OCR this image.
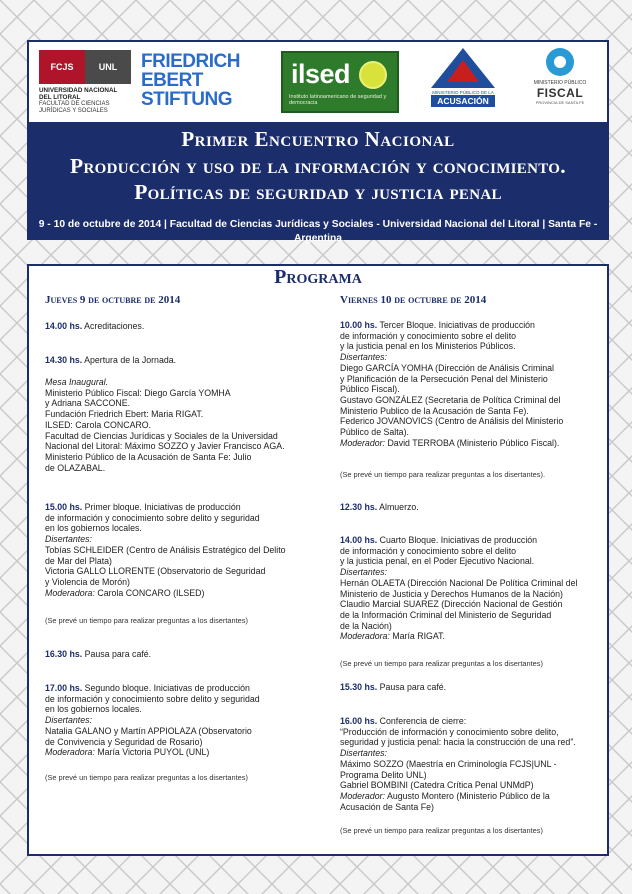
FCJS	UNL
UNIVERSIDAD NACIONAL DEL LITORAL
FACULTAD DE CIENCIAS JURÍDICAS Y SOCIALES
FRIEDRICH
EBERT
STIFTUNG
ilsed
Instituto latinoamericano de seguridad y democracia
MINISTERIO PÚBLICO DE LA
ACUSACIÓN
MINISTERIO PÚBLICO
FISCAL
PROVINCIA DE SANTA FE
Primer Encuentro Nacional
Producción y uso de la información y conocimiento.
Políticas de seguridad y justicia penal
9 - 10 de octubre de 2014 | Facultad de Ciencias Jurídicas y Sociales - Universidad Nacional del Litoral | Santa Fe - Argentina
Programa
Jueves 9 de octubre de 2014
14.00 hs. Acreditaciones.
14.30 hs. Apertura de la Jornada.
Mesa Inaugural.
Ministerio Público Fiscal: Diego García YOMHA
y Adriana SACCONE.
Fundación Friedrich Ebert: Maria RIGAT.
ILSED: Carola CONCARO.
Facultad de Ciencias Jurídicas y Sociales de la Universidad
Nacional del Litoral: Máximo SOZZO y Javier Francisco AGA.
Ministerio Público de la Acusación de Santa Fe: Julio
de OLAZABAL.
15.00 hs. Primer bloque. Iniciativas de producción
de información y conocimiento sobre delito y seguridad
en los gobiernos locales.
Disertantes:
Tobías SCHLEIDER (Centro de Análisis Estratégico del Delito
de Mar del Plata)
Victoria GALLO LLORENTE (Observatorio de Seguridad
y Violencia de Morón)
Moderadora: Carola CONCARO (ILSED)
(Se prevé un tiempo para realizar preguntas a los disertantes)
16.30 hs. Pausa para café.
17.00 hs. Segundo bloque. Iniciativas de producción
de información y conocimiento sobre delito y seguridad
en los gobiernos locales.
Disertantes:
Natalia GALANO y Martín APPIOLAZA (Observatorio
de Convivencia y Seguridad de Rosario)
Moderadora: María Victoria PUYOL (UNL)
(Se prevé un tiempo para realizar preguntas a los disertantes)
Viernes 10 de octubre de 2014
10.00 hs. Tercer Bloque. Iniciativas de producción
de información y conocimiento sobre el delito
y la justicia penal en los Ministerios Públicos.
Disertantes:
Diego GARCÍA YOMHA (Dirección de Análisis Criminal
y Planificación de la Persecución Penal del Ministerio
Público Fiscal).
Gustavo GONZÁLEZ (Secretaria de Política Criminal del
Ministerio Publico de la Acusación de Santa Fe).
Federico JOVANOVICS (Centro de Análisis del Ministerio
Público de Salta).
Moderador: David TERROBA (Ministerio Público Fiscal).
(Se prevé un tiempo para realizar preguntas a los disertantes).
12.30 hs. Almuerzo.
14.00 hs. Cuarto Bloque. Iniciativas de producción
de información y conocimiento sobre el delito
y la justicia penal, en el Poder Ejecutivo Nacional.
Disertantes:
Hernán OLAETA (Dirección Nacional De Política Criminal del
Ministerio de Justicia y Derechos Humanos de la Nación)
Claudio Marcial SUAREZ (Dirección Nacional de Gestión
de la Información Criminal del Ministerio de Seguridad
de la Nación)
Moderadora: María RIGAT.
(Se prevé un tiempo para realizar preguntas a los disertantes)
15.30 hs. Pausa para café.
16.00 hs. Conferencia de cierre:
“Producción de información y conocimiento sobre delito,
seguridad y justicia penal: hacia la construcción de una red”.
Disertantes:
Máximo SOZZO (Maestría en Criminología FCJS|UNL -
Programa Delito UNL)
Gabriel BOMBINI (Catedra Crítica Penal UNMdP)
Moderador: Augusto Montero (Ministerio Público de la
Acusación de Santa Fe)
(Se prevé un tiempo para realizar preguntas a los disertantes)
